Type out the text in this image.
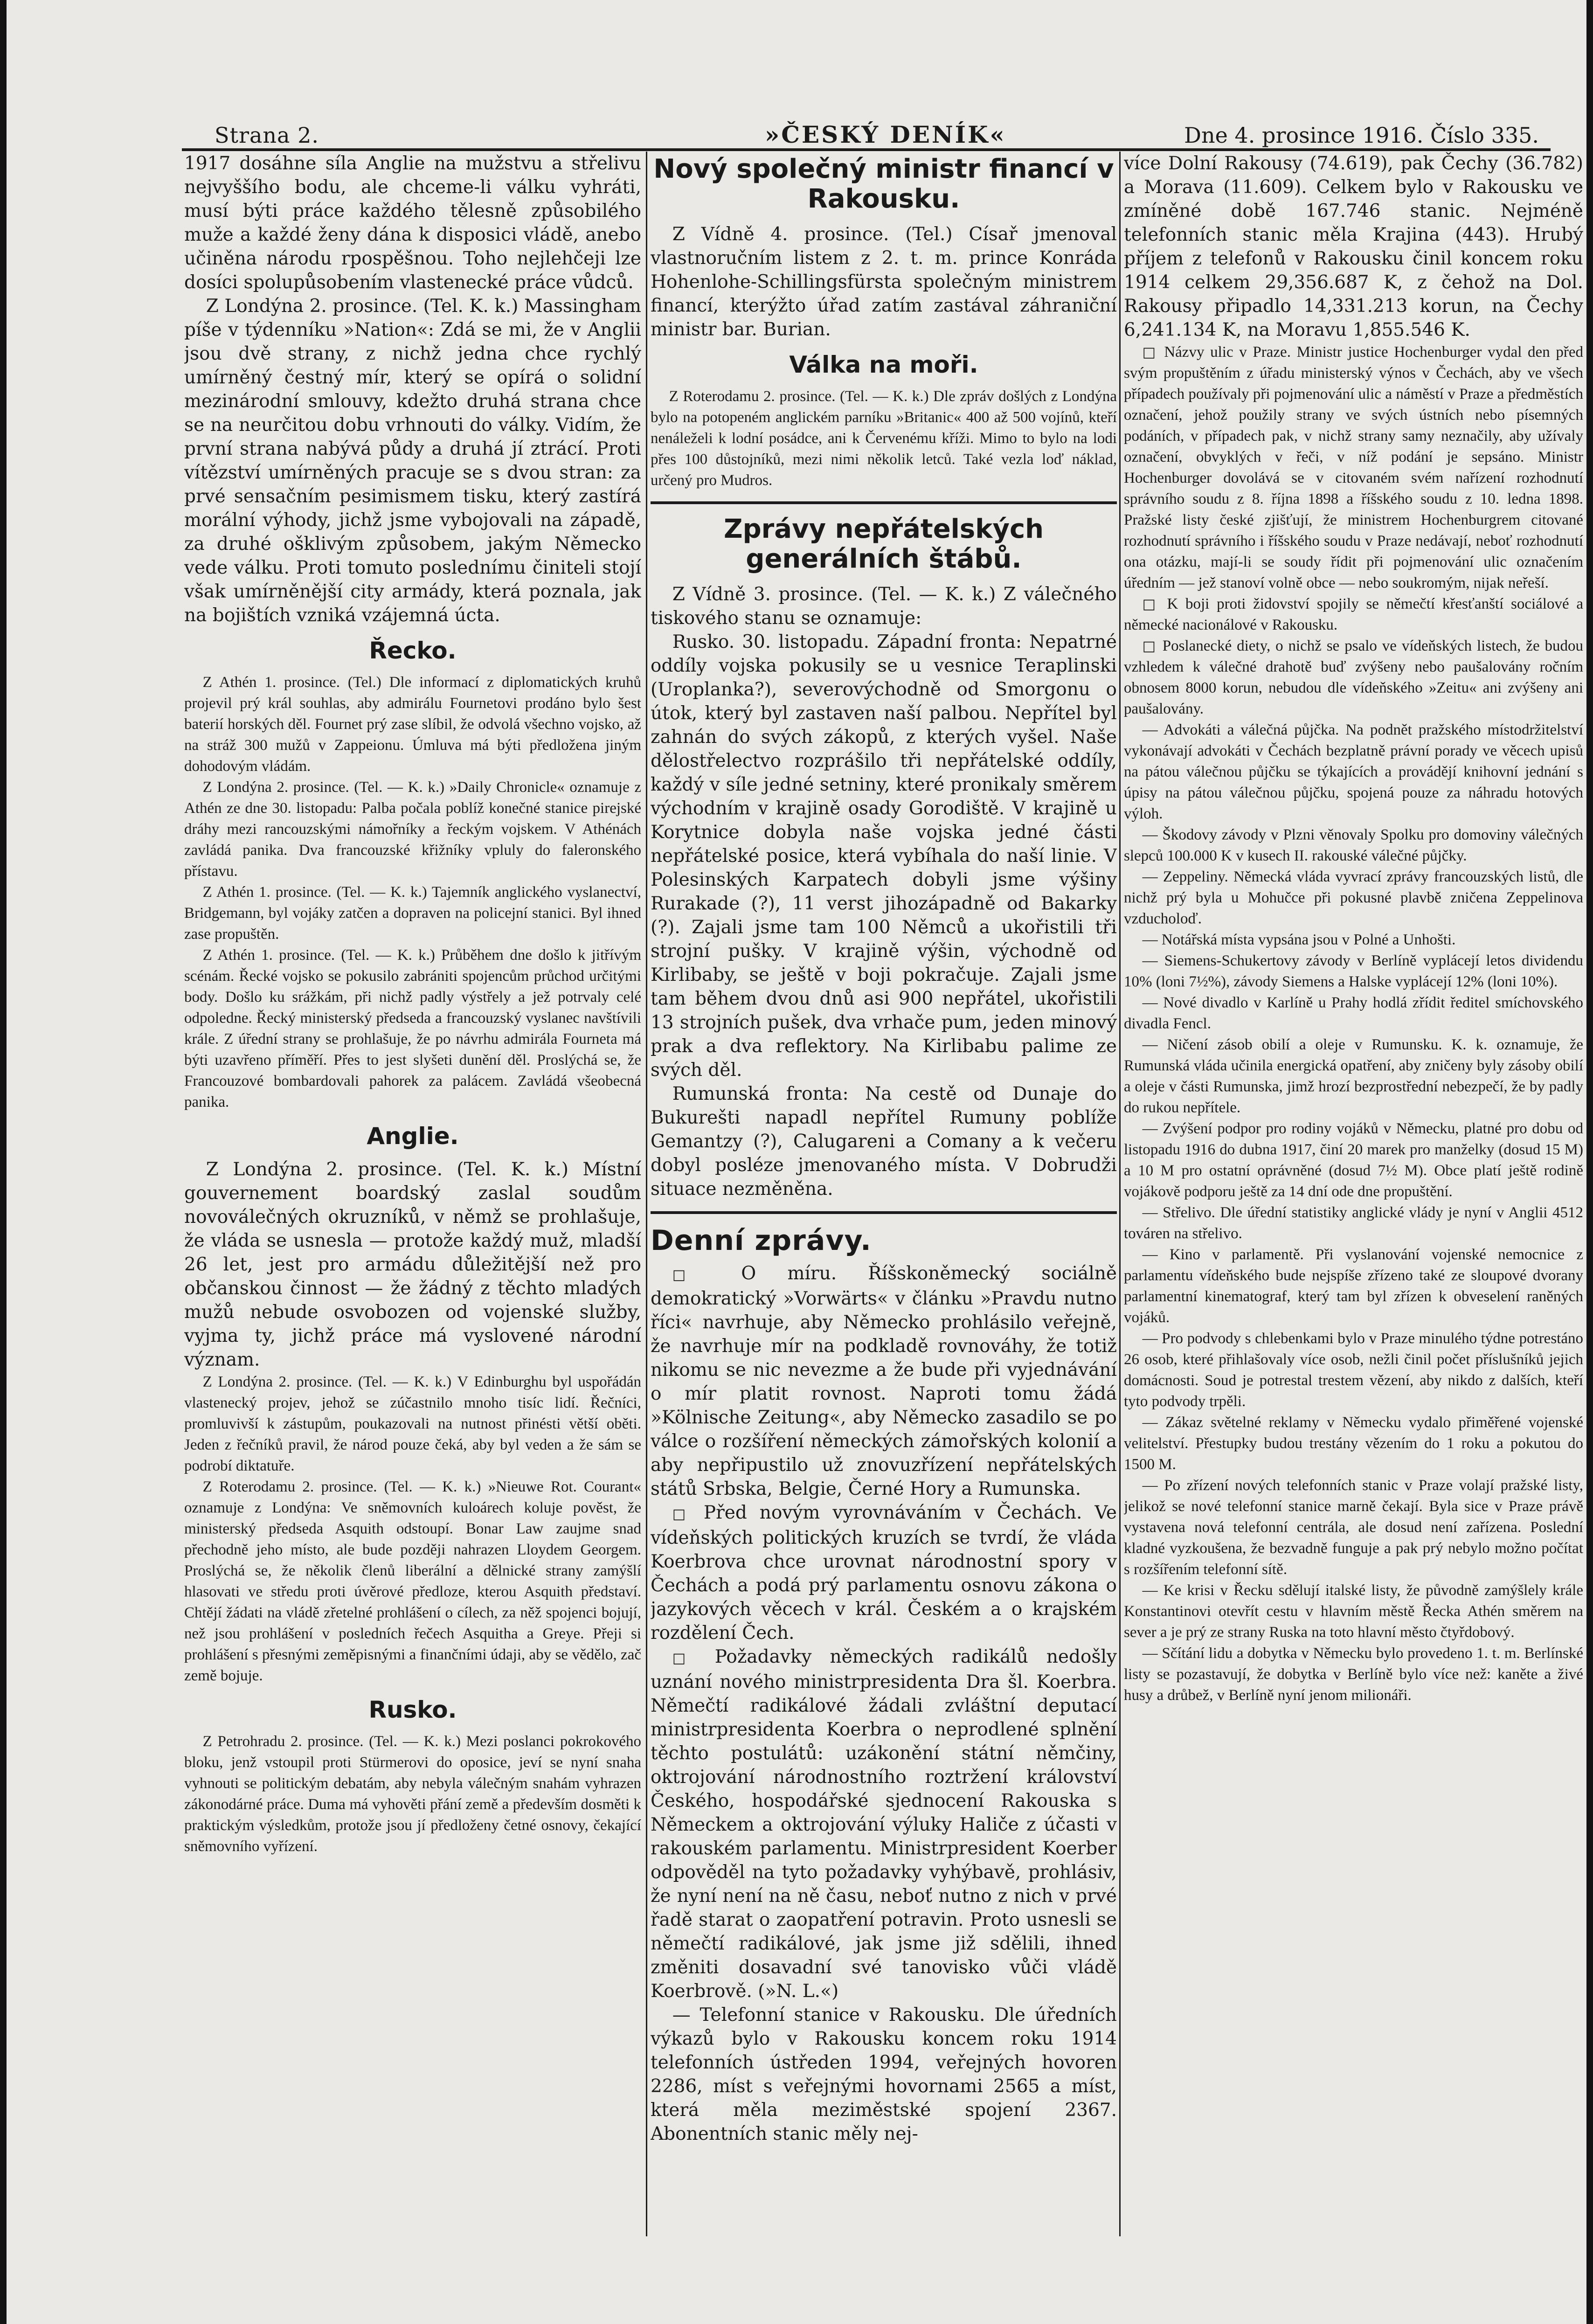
Strana 2.	»ČESKÝ DENÍK«	Dne 4. prosince 1916. Číslo 335.

1917 dosáhne síla Anglie na mužstvu a střelivu nejvyššího bodu, ale chceme-li válku vyhráti, musí býti práce každého tělesně způsobilého muže a každé ženy dána k disposici vládě, anebo učiněna národu rpospěšnou. Toho nejlehčeji lze dosíci spolupůsobením vlastenecké práce vůdců.

Z Londýna 2. prosince. (Tel. K. k.) Massingham píše v týdenníku »Nation«: Zdá se mi, že v Anglii jsou dvě strany, z nichž jedna chce rychlý umírněný čestný mír, který se opírá o solidní mezinárodní smlouvy, kdežto druhá strana chce se na neurčitou dobu vrhnouti do války. Vidím, že první strana nabývá půdy a druhá jí ztrácí. Proti vítězství umírněných pracuje se s dvou stran: za prvé sensačním pesimismem tisku, který zastírá morální výhody, jichž jsme vybojovali na západě, za druhé ošklivým způsobem, jakým Německo vede válku. Proti tomuto poslednímu činiteli stojí však umírněnější city armády, která poznala, jak na bojištích vzniká vzájemná úcta.

Řecko.

Z Athén 1. prosince. (Tel.) Dle informací z diplomatických kruhů projevil prý král souhlas, aby admirálu Fournetovi prodáno bylo šest baterií horských děl. Fournet prý zase slíbil, že odvolá všechno vojsko, až na stráž 300 mužů v Zappeionu. Úmluva má býti předložena jiným dohodovým vládám.

Z Londýna 2. prosince. (Tel. — K. k.) »Daily Chronicle« oznamuje z Athén ze dne 30. listopadu: Palba počala poblíž konečné stanice pirejské dráhy mezi rancouzskými námořníky a řeckým vojskem. V Athénách zavládá panika. Dva francouzské křižníky vpluly do faleronského přístavu.

Z Athén 1. prosince. (Tel. — K. k.) Tajemník anglického vyslanectví, Bridgemann, byl vojáky zatčen a dopraven na policejní stanici. Byl ihned zase propuštěn.

Z Athén 1. prosince. (Tel. — K. k.) Průběhem dne došlo k jitřívým scénám. Řecké vojsko se pokusilo zabrániti spojencům průchod určitými body. Došlo ku srážkám, při nichž padly výstřely a jež potrvaly celé odpoledne. Řecký ministerský předseda a francouzský vyslanec navštívili krále. Z úřední strany se prohlašuje, že po návrhu admirála Fourneta má býti uzavřeno příměří. Přes to jest slyšeti dunění děl. Proslýchá se, že Francouzové bombardovali pahorek za palácem. Zavládá všeobecná panika.

Anglie.

Z Londýna 2. prosince. (Tel. K. k.) Místní gouvernement boardský zaslal soudům novoválečných okruzníků, v němž se prohlašuje, že vláda se usnesla — protože každý muž, mladší 26 let, jest pro armádu důležitější než pro občanskou činnost — že žádný z těchto mladých mužů nebude osvobozen od vojenské služby, vyjma ty, jichž práce má vyslovené národní význam.

Z Londýna 2. prosince. (Tel. — K. k.) V Edinburghu byl uspořádán vlastenecký projev, jehož se zúčastnilo mnoho tisíc lidí. Řečníci, promluvivší k zástupům, poukazovali na nutnost přinésti větší oběti. Jeden z řečníků pravil, že národ pouze čeká, aby byl veden a že sám se podrobí diktatuře.

Z Roterodamu 2. prosince. (Tel. — K. k.) »Nieuwe Rot. Courant« oznamuje z Londýna: Ve sněmovních kuloárech koluje pověst, že ministerský předseda Asquith odstoupí. Bonar Law zaujme snad přechodně jeho místo, ale bude později nahrazen Lloydem Georgem. Proslýchá se, že několik členů liberální a dělnické strany zamýšlí hlasovati ve středu proti úvěrové předloze, kterou Asquith představí. Chtějí žádati na vládě zřetelné prohlášení o cílech, za něž spojenci bojují, než jsou prohlášení v posledních řečech Asquitha a Greye. Přeji si prohlášení s přesnými zeměpisnými a finančními údaji, aby se vědělo, zač země bojuje.

Rusko.

Z Petrohradu 2. prosince. (Tel. — K. k.) Mezi poslanci pokrokového bloku, jenž vstoupil proti Stürmerovi do oposice, jeví se nyní snaha vyhnouti se politickým debatám, aby nebyla válečným snahám vyhrazen zákonodárné práce. Duma má vyhověti přání země a především dosměti k praktickým výsledkům, protože jsou jí předloženy četné osnovy, čekající sněmovního vyřízení.

Nový společný ministr financí v Rakousku.

Z Vídně 4. prosince. (Tel.) Císař jmenoval vlastnoručním listem z 2. t. m. prince Konráda Hohenlohe-Schillingsfürsta společným ministrem financí, kterýžto úřad zatím zastával záhraniční ministr bar. Burian.

Válka na moři.

Z Roterodamu 2. prosince. (Tel. — K. k.) Dle zpráv došlých z Londýna bylo na potopeném anglickém parníku »Britanic« 400 až 500 vojínů, kteří nenáleželi k lodní posádce, ani k Červenému kříži. Mimo to bylo na lodi přes 100 důstojníků, mezi nimi několik letců. Také vezla loď náklad, určený pro Mudros.

Zprávy nepřátelských generálních štábů.

Z Vídně 3. prosince. (Tel. — K. k.) Z válečného tiskového stanu se oznamuje:

Rusko. 30. listopadu. Západní fronta: Nepatrné oddíly vojska pokusily se u vesnice Teraplinski (Uroplanka?), severovýchodně od Smorgonu o útok, který byl zastaven naší palbou. Nepřítel byl zahnán do svých zákopů, z kterých vyšel. Naše dělostřelectvo rozprášilo tři nepřátelské oddíly, každý v síle jedné setniny, které pronikaly směrem východním v krajině osady Gorodiště. V krajině u Korytnice dobyla naše vojska jedné části nepřátelské posice, která vybíhala do naší linie. V Polesinských Karpatech dobyli jsme výšiny Rurakade (?), 11 verst jihozápadně od Bakarky (?). Zajali jsme tam 100 Němců a ukořistili tři strojní pušky. V krajině výšin, východně od Kirlibaby, se ještě v boji pokračuje. Zajali jsme tam během dvou dnů asi 900 nepřátel, ukořistili 13 strojních pušek, dva vrhače pum, jeden minový prak a dva reflektory. Na Kirlibabu palime ze svých děl.

Rumunská fronta: Na cestě od Dunaje do Bukurešti napadl nepřítel Rumuny poblíže Gemantzy (?), Calugareni a Comany a k večeru dobyl posléze jmenovaného místa. V Dobrudži situace nezměněna.

Denní zprávy.

□ O míru. Říšskoněmecký sociálně demokratický »Vorwärts« v článku »Pravdu nutno říci« navrhuje, aby Německo prohlásilo veřejně, že navrhuje mír na podkladě rovnováhy, že totiž nikomu se nic nevezme a že bude při vyjednávání o mír platit rovnost. Naproti tomu žádá »Kölnische Zeitung«, aby Německo zasadilo se po válce o rozšíření německých zámořských kolonií a aby nepřipustilo už znovuzřízení nepřátelských států Srbska, Belgie, Černé Hory a Rumunska.

□ Před novým vyrovnáváním v Čechách. Ve vídeňských politických kruzích se tvrdí, že vláda Koerbrova chce urovnat národnostní spory v Čechách a podá prý parlamentu osnovu zákona o jazykových věcech v král. Českém a o krajském rozdělení Čech.

□ Požadavky německých radikálů nedošly uznání nového ministrpresidenta Dra šl. Koerbra. Němečtí radikálové žádali zvláštní deputací ministrpresidenta Koerbra o neprodlené splnění těchto postulátů: uzákonění státní němčiny, oktrojování národnostního roztržení království Českého, hospodářské sjednocení Rakouska s Německem a oktrojování výluky Haliče z účasti v rakouském parlamentu. Ministrpresident Koerber odpověděl na tyto požadavky vyhýbavě, prohlásiv, že nyní není na ně času, neboť nutno z nich v prvé řadě starat o zaopatření potravin. Proto usnesli se němečtí radikálové, jak jsme již sdělili, ihned změniti dosavadní své tanovisko vůči vládě Koerbrově. (»N. L.«)

— Telefonní stanice v Rakousku. Dle úředních výkazů bylo v Rakousku koncem roku 1914 telefonních ústředen 1994, veřejných hovoren 2286, míst s veřejnými hovornami 2565 a míst, která měla meziměstské spojení 2367. Abonentních stanic měly nej-

více Dolní Rakousy (74.619), pak Čechy (36.782) a Morava (11.609). Celkem bylo v Rakousku ve zmíněné době 167.746 stanic. Nejméně telefonních stanic měla Krajina (443). Hrubý příjem z telefonů v Rakousku činil koncem roku 1914 celkem 29,356.687 K, z čehož na Dol. Rakousy připadlo 14,331.213 korun, na Čechy 6,241.134 K, na Moravu 1,855.546 K.

□ Názvy ulic v Praze. Ministr justice Hochenburger vydal den před svým propuštěním z úřadu ministerský výnos v Čechách, aby ve všech případech používaly při pojmenování ulic a náměstí v Praze a předměstích označení, jehož použily strany ve svých ústních nebo písemných podáních, v případech pak, v nichž strany samy neznačily, aby užívaly označení, obvyklých v řeči, v níž podání je sepsáno. Ministr Hochenburger dovolává se v citovaném svém nařízení rozhodnutí správního soudu z 8. října 1898 a říšského soudu z 10. ledna 1898. Pražské listy české zjišťují, že ministrem Hochenburgrem citované rozhodnutí správního i říšského soudu v Praze nedávají, neboť rozhodnutí ona otázku, mají-li se soudy řídit při pojmenování ulic označením úředním — jež stanoví volně obce — nebo soukromým, nijak neřeší.

□ K boji proti židovství spojily se němečtí křesťanští sociálové a německé nacionálové v Rakousku.

□ Poslanecké diety, o nichž se psalo ve vídeňských listech, že budou vzhledem k válečné drahotě buď zvýšeny nebo paušalovány ročním obnosem 8000 korun, nebudou dle vídeňského »Zeitu« ani zvýšeny ani paušalovány.

— Advokáti a válečná půjčka. Na podnět pražského místodržitelství vykonávají advokáti v Čechách bezplatně právní porady ve věcech upisů na pátou válečnou půjčku se týkajících a provádějí knihovní jednání s úpisy na pátou válečnou půjčku, spojená pouze za náhradu hotových výloh.

— Škodovy závody v Plzni věnovaly Spolku pro domoviny válečných slepců 100.000 K v kusech II. rakouské válečné půjčky.

— Zeppeliny. Německá vláda vyvrací zprávy francouzských listů, dle nichž prý byla u Mohučce při pokusné plavbě zničena Zeppelinova vzducholoď.

— Notářská místa vypsána jsou v Polné a Unhošti.

— Siemens-Schukertovy závody v Berlíně vyplácejí letos dividendu 10% (loni 7½%), závody Siemens a Halske vyplácejí 12% (loni 10%).

— Nové divadlo v Karlíně u Prahy hodlá zřídit ředitel smíchovského divadla Fencl.

— Ničení zásob obilí a oleje v Rumunsku. K. k. oznamuje, že Rumunská vláda učinila energická opatření, aby zničeny byly zásoby obilí a oleje v části Rumunska, jimž hrozí bezprostřední nebezpečí, že by padly do rukou nepřítele.

— Zvýšení podpor pro rodiny vojáků v Německu, platné pro dobu od listopadu 1916 do dubna 1917, činí 20 marek pro manželky (dosud 15 M) a 10 M pro ostatní oprávněné (dosud 7½ M). Obce platí ještě rodině vojákově podporu ještě za 14 dní ode dne propuštění.

— Střelivo. Dle úřední statistiky anglické vlády je nyní v Anglii 4512 továren na střelivo.

— Kino v parlamentě. Při vyslanování vojenské nemocnice z parlamentu vídeňského bude nejspíše zřízeno také ze sloupové dvorany parlamentní kinematograf, který tam byl zřízen k obveselení raněných vojáků.

— Pro podvody s chlebenkami bylo v Praze minulého týdne potrestáno 26 osob, které přihlašovaly více osob, nežli činil počet příslušníků jejich domácnosti. Soud je potrestal trestem vězení, aby nikdo z dalších, kteří tyto podvody trpěli.

— Zákaz světelné reklamy v Německu vydalo přiměřené vojenské velitelství. Přestupky budou trestány vězením do 1 roku a pokutou do 1500 M.

— Po zřízení nových telefonních stanic v Praze volají pražské listy, jelikož se nové telefonní stanice marně čekají. Byla sice v Praze právě vystavena nová telefonní centrála, ale dosud není zařízena. Poslední kladné vyzkoušena, že bezvadně funguje a pak prý nebylo možno počítat s rozšířením telefonní sítě.

— Ke krisi v Řecku sdělují italské listy, že původně zamýšlely krále Konstantinovi otevřít cestu v hlavním městě Řecka Athén směrem na sever a je prý ze strany Ruska na toto hlavní město čtyřdobový.

— Sčítání lidu a dobytka v Německu bylo provedeno 1. t. m. Berlínské listy se pozastavují, že dobytka v Berlíně bylo více než: kaněte a živé husy a drůbež, v Berlíně nyní jenom milionáři.
